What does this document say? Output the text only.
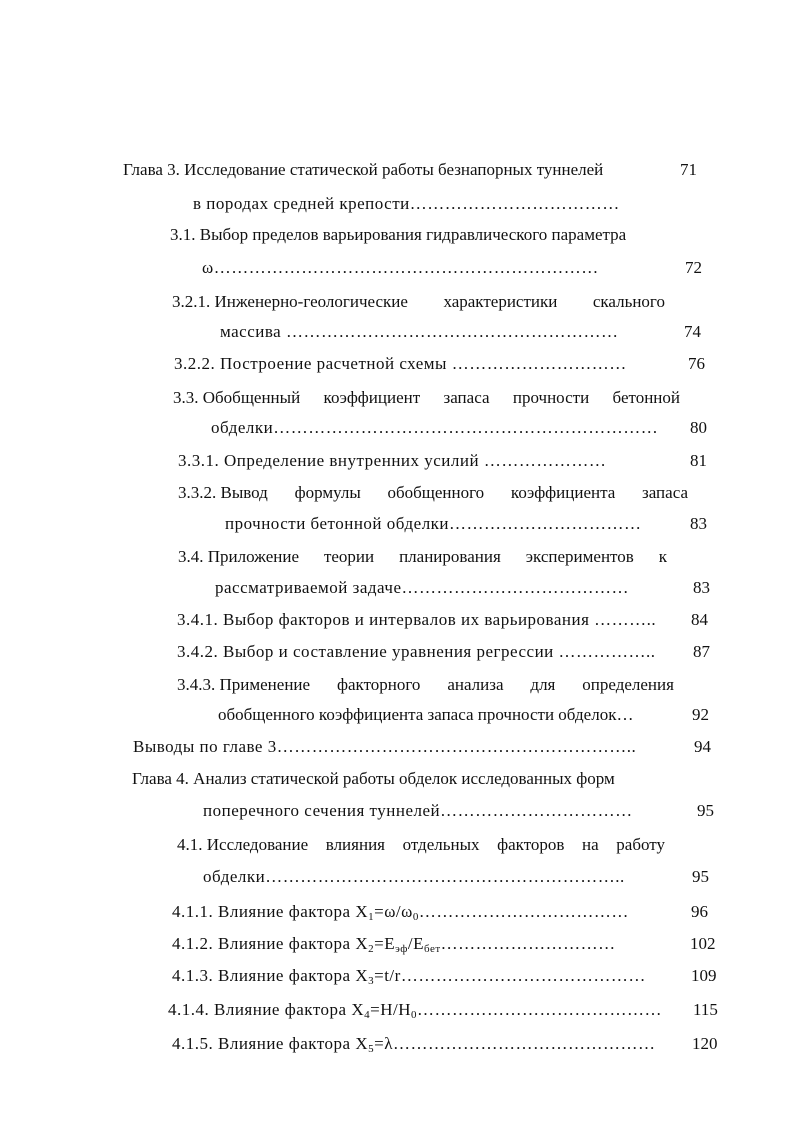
Глава 3. Исследование статической работы безнапорных туннелей	71
в породах средней крепости………………………………
3.1. Выбор пределов варьирования гидравлического параметра
ω…………………………………………………………	72
3.2.1. Инженерно-геологические характеристики скального
массива …………………………………………………	74
3.2.2. Построение расчетной схемы …………………………	76
3.3. Обобщенный коэффициент запаса прочности бетонной
обделки………………………………………………………… 80
3.3.1. Определение внутренних усилий …………………	81
3.3.2. Вывод формулы обобщенного коэффициента запаса
прочности бетонной обделки……………………………	83
3.4. Приложение теории планирования экспериментов к
рассматриваемой задаче…………………………………	83
3.4.1. Выбор факторов и интервалов их варьирования ……….. 84
3.4.2. Выбор и составление уравнения регрессии …………….. 87
3.4.3. Применение факторного анализа для определения
обобщенного коэффициента запаса прочности обделок…	92
Выводы по главе 3……………………………………………………..	94
Глава 4. Анализ статической работы обделок исследованных форм
поперечного сечения туннелей……………………………	95
4.1. Исследование влияния отдельных факторов на работу
обделки……………………………………………………..	95
4.1.1. Влияние фактора $X_1=\omega/\omega_0\dots\dots\dots\dots\dots\dots\dots\dots\dots\dots\dots\dots$	96
4.1.2. Влияние фактора $X_2=E_{эф}/E_{бет}\dots\dots\dots\dots\dots\dots\dots\dots\dots\dots$	102
4.1.3. Влияние фактора $X_3=t/r\dots\dots\dots\dots\dots\dots\dots\dots\dots\dots\dots\dots\dots\dots$	109
4.1.4. Влияние фактора $X_4=H/H_0\dots\dots\dots\dots\dots\dots\dots\dots\dots\dots\dots\dots\dots\dots$ 115
4.1.5. Влияние фактора $X_5=\lambda\dots\dots\dots\dots\dots\dots\dots\dots\dots\dots\dots\dots\dots\dots\dots$ 120
